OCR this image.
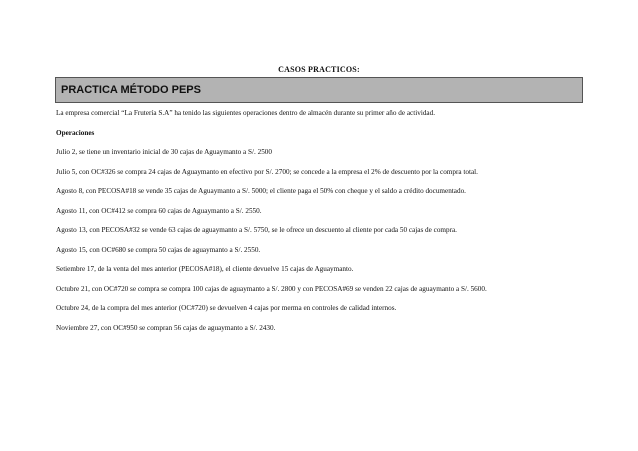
CASOS PRACTICOS:
PRACTICA MÉTODO PEPS

La empresa comercial “La Frutería S.A” ha tenido las siguientes operaciones dentro de almacén durante su primer año de actividad.

Operaciones

Julio 2, se tiene un inventario inicial de 30 cajas de Aguaymanto a S/. 2500

Julio 5, con OC#326 se compra 24 cajas de Aguaymanto en efectivo por S/. 2700; se concede a la empresa el 2% de descuento por la compra total.

Agosto 8, con PECOSA#18 se vende 35 cajas de Aguaymanto a S/. 5000; el cliente paga el 50% con cheque y el saldo a crédito documentado.

Agosto 11, con OC#412 se compra 60 cajas de Aguaymanto a S/. 2550.

Agosto 13, con PECOSA#32 se vende 63 cajas de aguaymanto a S/. 5750, se le ofrece un descuento al cliente por cada 50 cajas de compra.

Agosto 15, con OC#680 se compra 50 cajas de aguaymanto a S/. 2550.

Setiembre 17, de la venta del mes anterior (PECOSA#18), el cliente devuelve 15 cajas de Aguaymanto.

Octubre 21, con OC#720 se compra se compra 100 cajas de aguaymanto a S/. 2800 y con PECOSA#69 se venden 22 cajas de aguaymanto a S/. 5600.

Octubre 24, de la compra del mes anterior (OC#720) se devuelven 4 cajas por merma en controles de calidad internos.

Noviembre 27, con OC#950 se compran 56 cajas de aguaymanto a S/. 2430.
